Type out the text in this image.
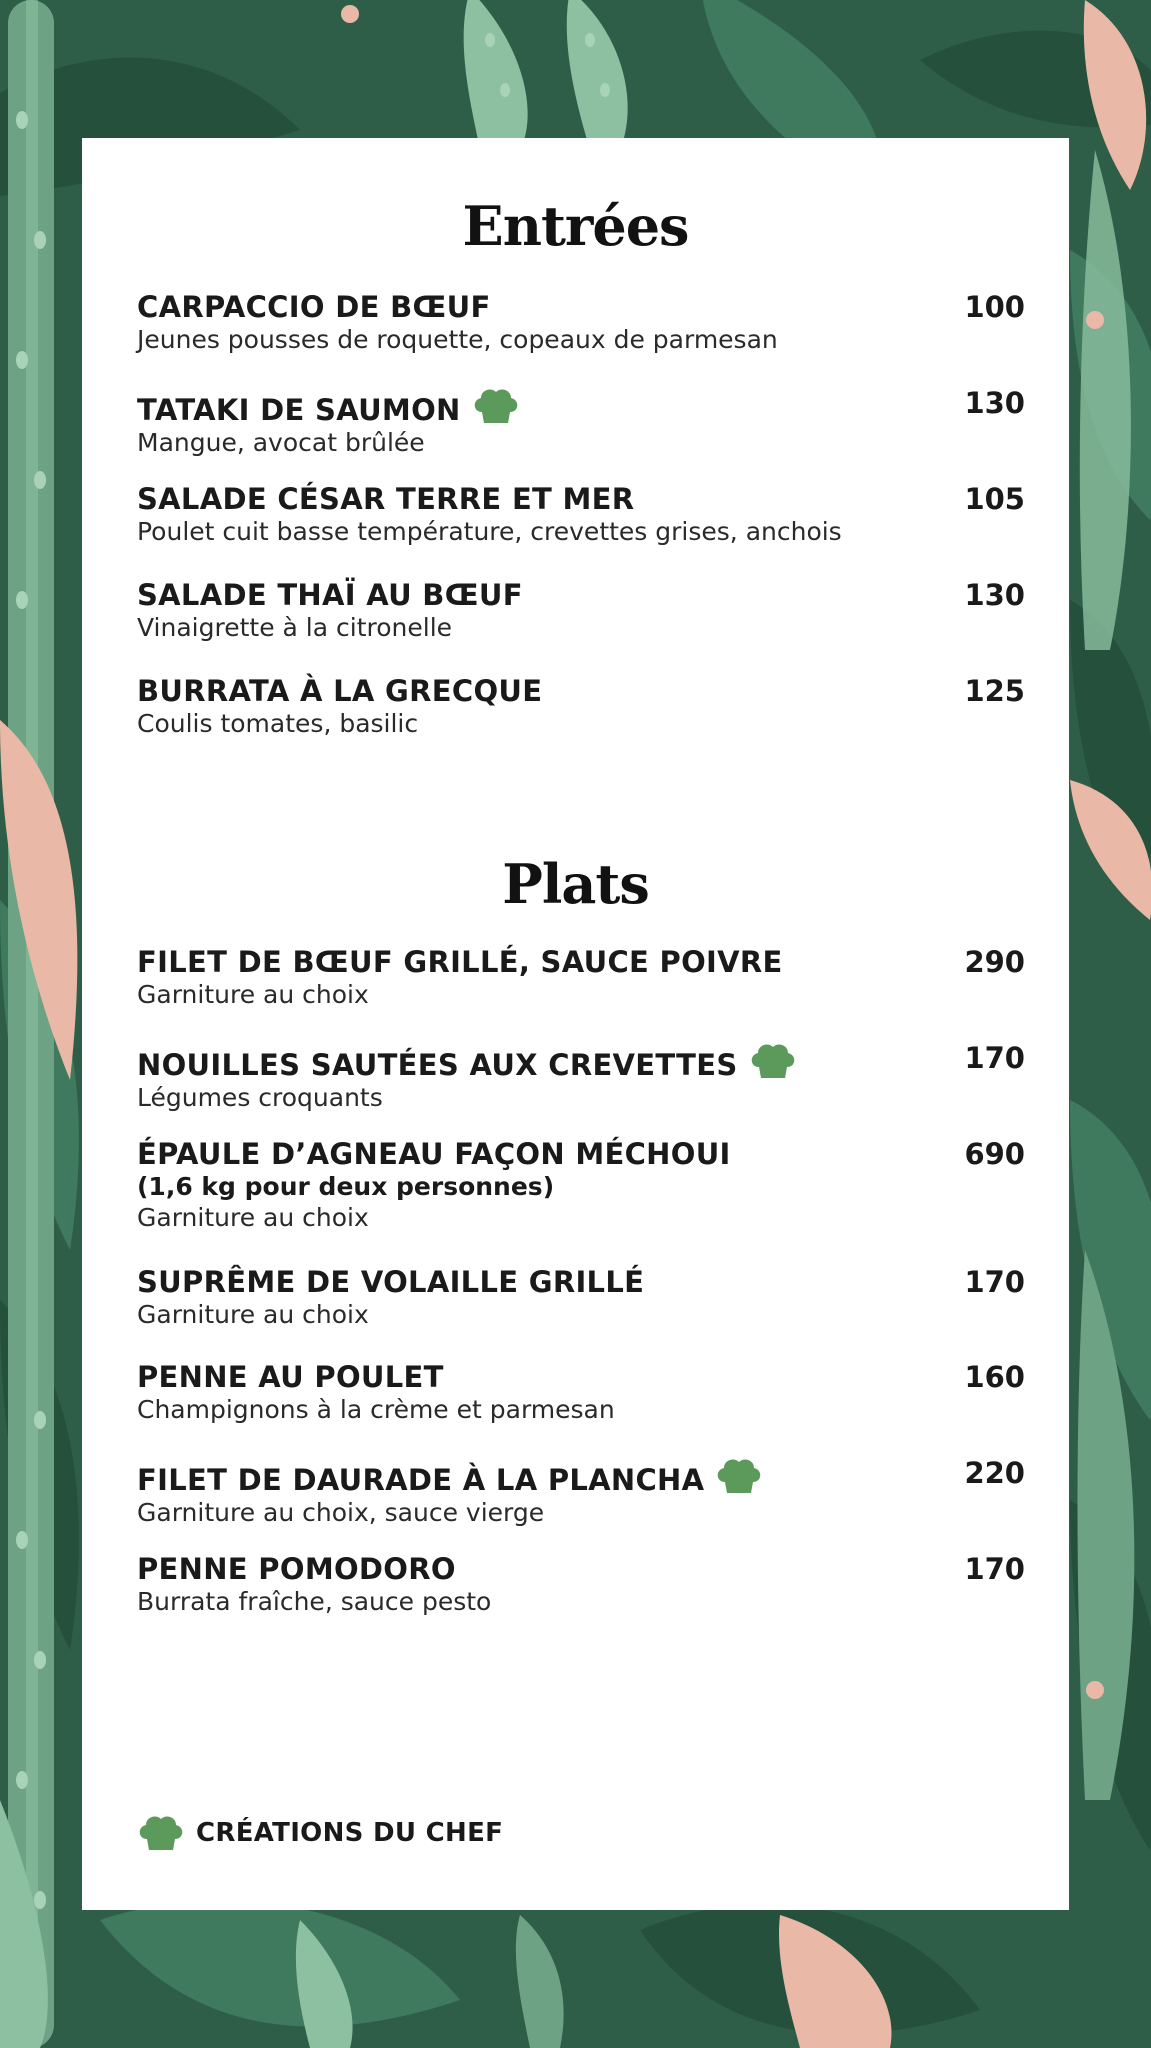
Entrées
CARPACCIO DE BŒUF
Jeunes pousses de roquette, copeaux de parmesan
100
TATAKI DE SAUMON
Mangue, avocat brûlée
130
SALADE CÉSAR TERRE ET MER
Poulet cuit basse température, crevettes grises, anchois
105
SALADE THAÏ AU BŒUF
Vinaigrette à la citronelle
130
BURRATA À LA GRECQUE
Coulis tomates, basilic
125
Plats
FILET DE BŒUF GRILLÉ, SAUCE POIVRE
Garniture au choix
290
NOUILLES SAUTÉES AUX CREVETTES
Légumes croquants
170
ÉPAULE D’AGNEAU FAÇON MÉCHOUI
(1,6 kg pour deux personnes)
Garniture au choix
690
SUPRÊME DE VOLAILLE GRILLÉ
Garniture au choix
170
PENNE AU POULET
Champignons à la crème et parmesan
160
FILET DE DAURADE À LA PLANCHA
Garniture au choix, sauce vierge
220
PENNE POMODORO
Burrata fraîche, sauce pesto
170
CRÉATIONS DU CHEF
